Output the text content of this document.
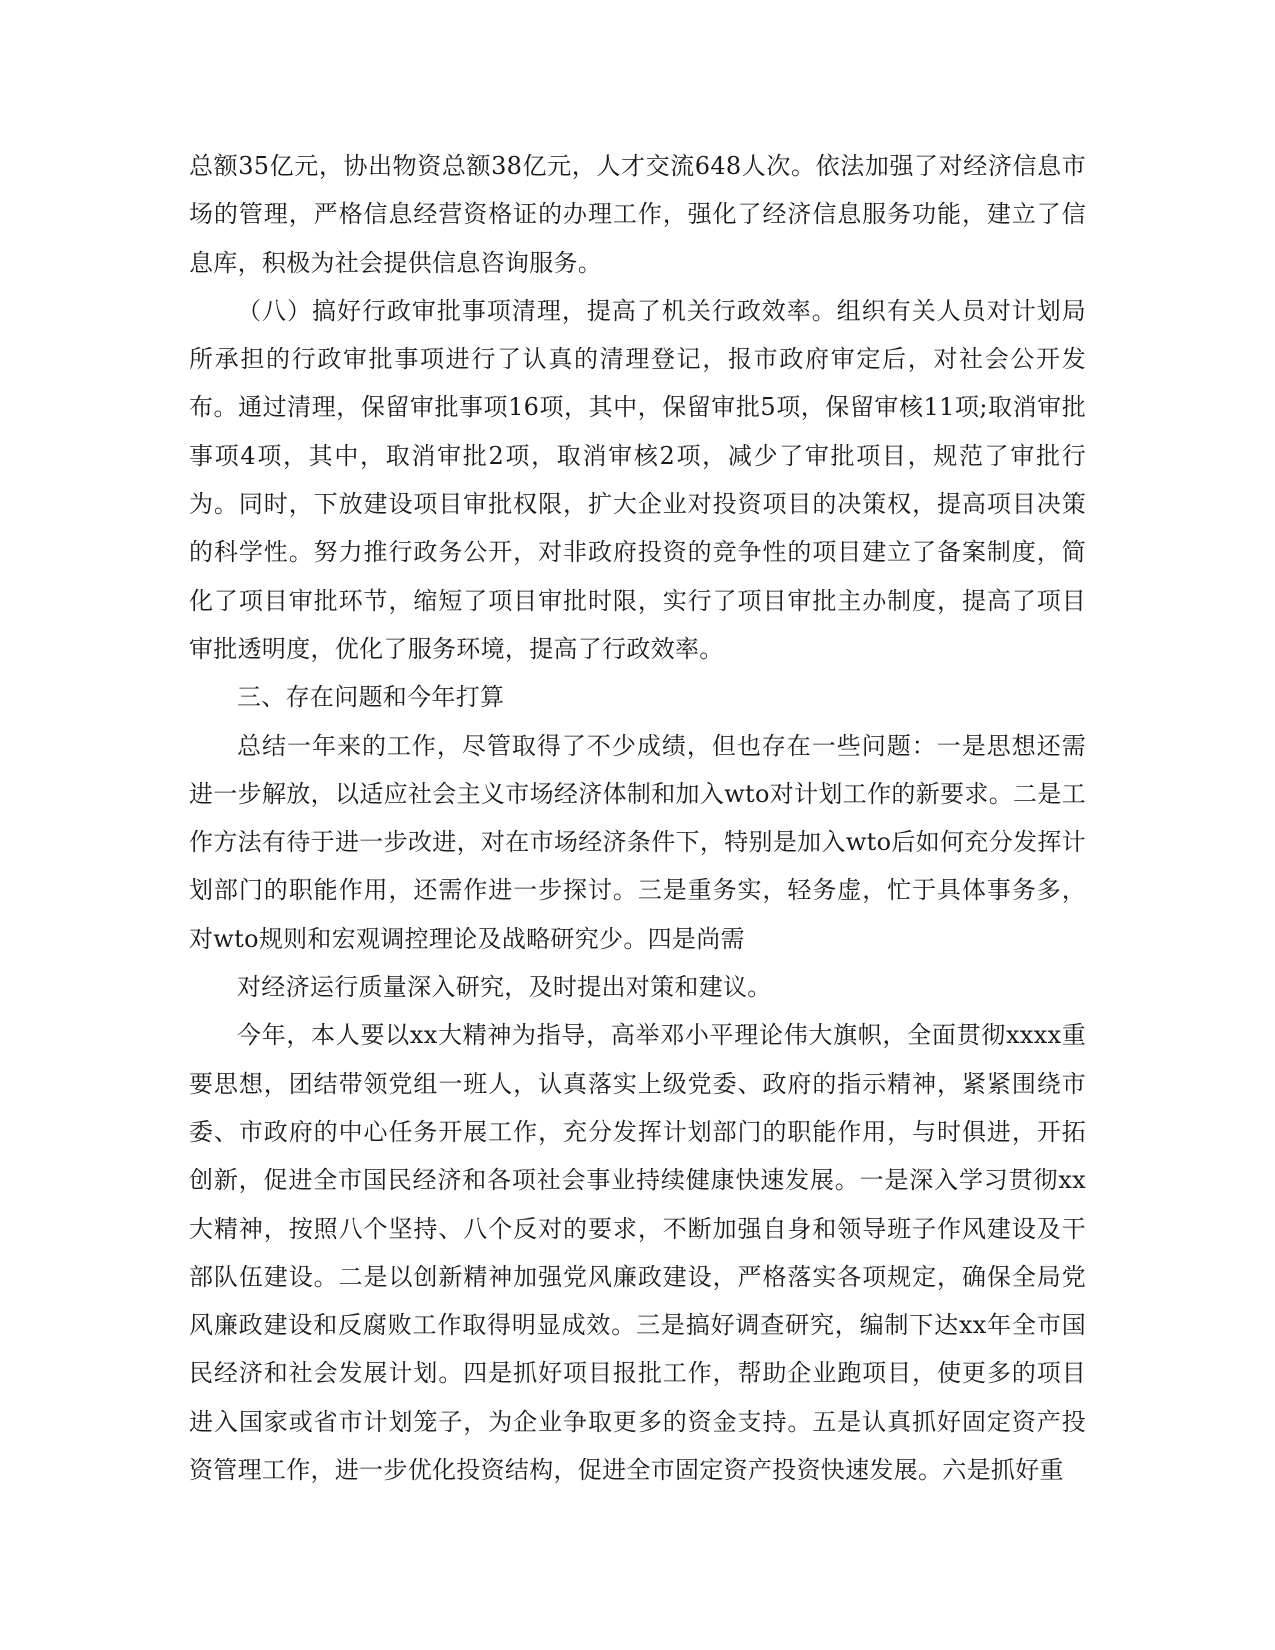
总额35亿元，协出物资总额38亿元，人才交流648人次。依法加强了对经济信息市场的管理，严格信息经营资格证的办理工作，强化了经济信息服务功能，建立了信息库，积极为社会提供信息咨询服务。

（八）搞好行政审批事项清理，提高了机关行政效率。组织有关人员对计划局所承担的行政审批事项进行了认真的清理登记，报市政府审定后，对社会公开发布。通过清理，保留审批事项16项，其中，保留审批5项，保留审核11项;取消审批事项4项，其中，取消审批2项，取消审核2项，减少了审批项目，规范了审批行为。同时，下放建设项目审批权限，扩大企业对投资项目的决策权，提高项目决策的科学性。努力推行政务公开，对非政府投资的竞争性的项目建立了备案制度，简化了项目审批环节，缩短了项目审批时限，实行了项目审批主办制度，提高了项目审批透明度，优化了服务环境，提高了行政效率。

三、存在问题和今年打算

总结一年来的工作，尽管取得了不少成绩，但也存在一些问题：一是思想还需进一步解放，以适应社会主义市场经济体制和加入wto对计划工作的新要求。二是工作方法有待于进一步改进，对在市场经济条件下，特别是加入wto后如何充分发挥计划部门的职能作用，还需作进一步探讨。三是重务实，轻务虚，忙于具体事务多，对wto规则和宏观调控理论及战略研究少。四是尚需

对经济运行质量深入研究，及时提出对策和建议。

今年，本人要以xx大精神为指导，高举邓小平理论伟大旗帜，全面贯彻xxxx重要思想，团结带领党组一班人，认真落实上级党委、政府的指示精神，紧紧围绕市委、市政府的中心任务开展工作，充分发挥计划部门的职能作用，与时俱进，开拓创新，促进全市国民经济和各项社会事业持续健康快速发展。一是深入学习贯彻xx大精神，按照八个坚持、八个反对的要求，不断加强自身和领导班子作风建设及干部队伍建设。二是以创新精神加强党风廉政建设，严格落实各项规定，确保全局党风廉政建设和反腐败工作取得明显成效。三是搞好调查研究，编制下达xx年全市国民经济和社会发展计划。四是抓好项目报批工作，帮助企业跑项目，使更多的项目进入国家或省市计划笼子，为企业争取更多的资金支持。五是认真抓好固定资产投资管理工作，进一步优化投资结构，促进全市固定资产投资快速发展。六是抓好重
